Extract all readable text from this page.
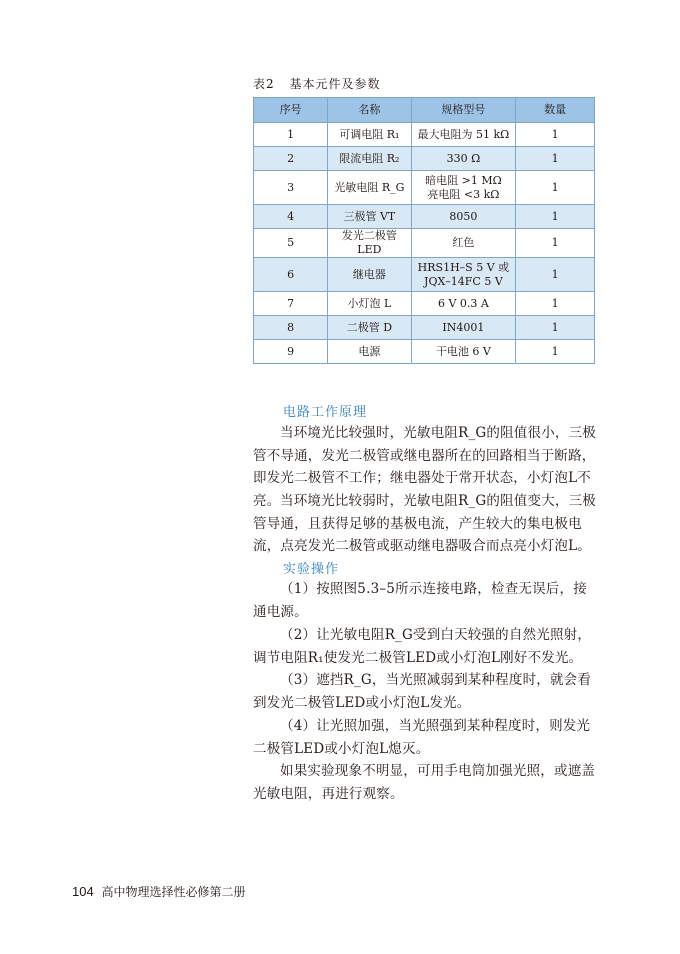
表2 基本元件及参数
序号	名称	规格型号	数量
1	可调电阻 R₁	最大电阻为 51 kΩ	1
2	限流电阻 R₂	330 Ω	1
3	光敏电阻 R_G	暗电阻 >1 MΩ
亮电阻 <3 kΩ	1
4	三极管 VT	8050	1
5	发光二极管 LED	红色	1
6	继电器	HRS1H–S 5 V 或
JQX–14FC 5 V	1
7	小灯泡 L	6 V 0.3 A	1
8	二极管 D	IN4001	1
9	电源	干电池 6 V	1
电路工作原理
当环境光比较强时，光敏电阻R_G的阻值很小，三极管不导通，发光二极管或继电器所在的回路相当于断路，即发光二极管不工作；继电器处于常开状态，小灯泡L不亮。 当环境光比较弱时，光敏电阻R_G的阻值变大，三极管导通，且获得足够的基极电流，产生较大的集电极电流，点亮发光二极管或驱动继电器吸合而点亮小灯泡L。
实验操作
（1）按照图5.3–5所示连接电路，检查无误后，接通电源。
（2）让光敏电阻R_G受到白天较强的自然光照射，调节电阻R₁使发光二极管LED或小灯泡L刚好不发光。
（3）遮挡R_G，当光照减弱到某种程度时，就会看到发光二极管LED或小灯泡L发光。
（4）让光照加强，当光照强到某种程度时，则发光二极管LED或小灯泡L熄灭。
如果实验现象不明显，可用手电筒加强光照，或遮盖光敏电阻，再进行观察。
104 高中物理选择性必修第二册
